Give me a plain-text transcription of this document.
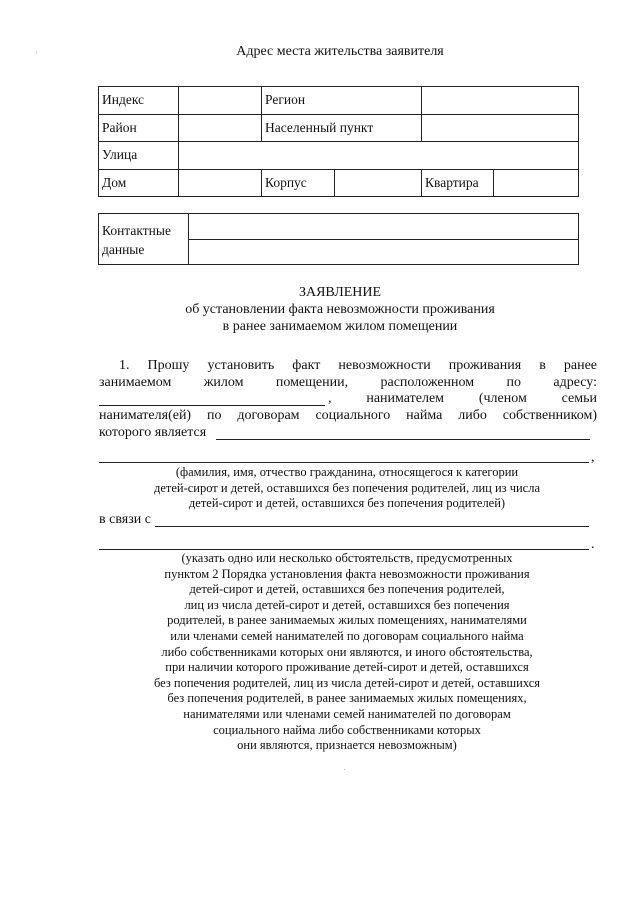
Адрес места жительства заявителя
Индекс		Регион			
Район		Населенный пункт			
Улица					
Дом		Корпус		Квартира	
Контактные
данные	

ЗАЯВЛЕНИЕ
об установлении факта невозможности проживания
в ранее занимаемом жилом помещении
1. Прошу установить факт невозможности проживания в ранее
занимаемом жилом помещении, расположенном по адресу:
, нанимателем (членом семьи
нанимателя(ей) по договорам социального найма либо собственником)
которого является
,
(фамилия, имя, отчество гражданина, относящегося к категории
детей-сирот и детей, оставшихся без попечения родителей, лиц из числа
детей-сирот и детей, оставшихся без попечения родителей)
в связи с
.
(указать одно или несколько обстоятельств, предусмотренных
пунктом 2 Порядка установления факта невозможности проживания
детей-сирот и детей, оставшихся без попечения родителей,
лиц из числа детей-сирот и детей, оставшихся без попечения
родителей, в ранее занимаемых жилых помещениях, нанимателями
или членами семей нанимателей по договорам социального найма
либо собственниками которых они являются, и иного обстоятельства,
при наличии которого проживание детей-сирот и детей, оставшихся
без попечения родителей, лиц из числа детей-сирот и детей, оставшихся
без попечения родителей, в ранее занимаемых жилых помещениях,
нанимателями или членами семей нанимателей по договорам
социального найма либо собственниками которых
они являются, признается невозможным)
